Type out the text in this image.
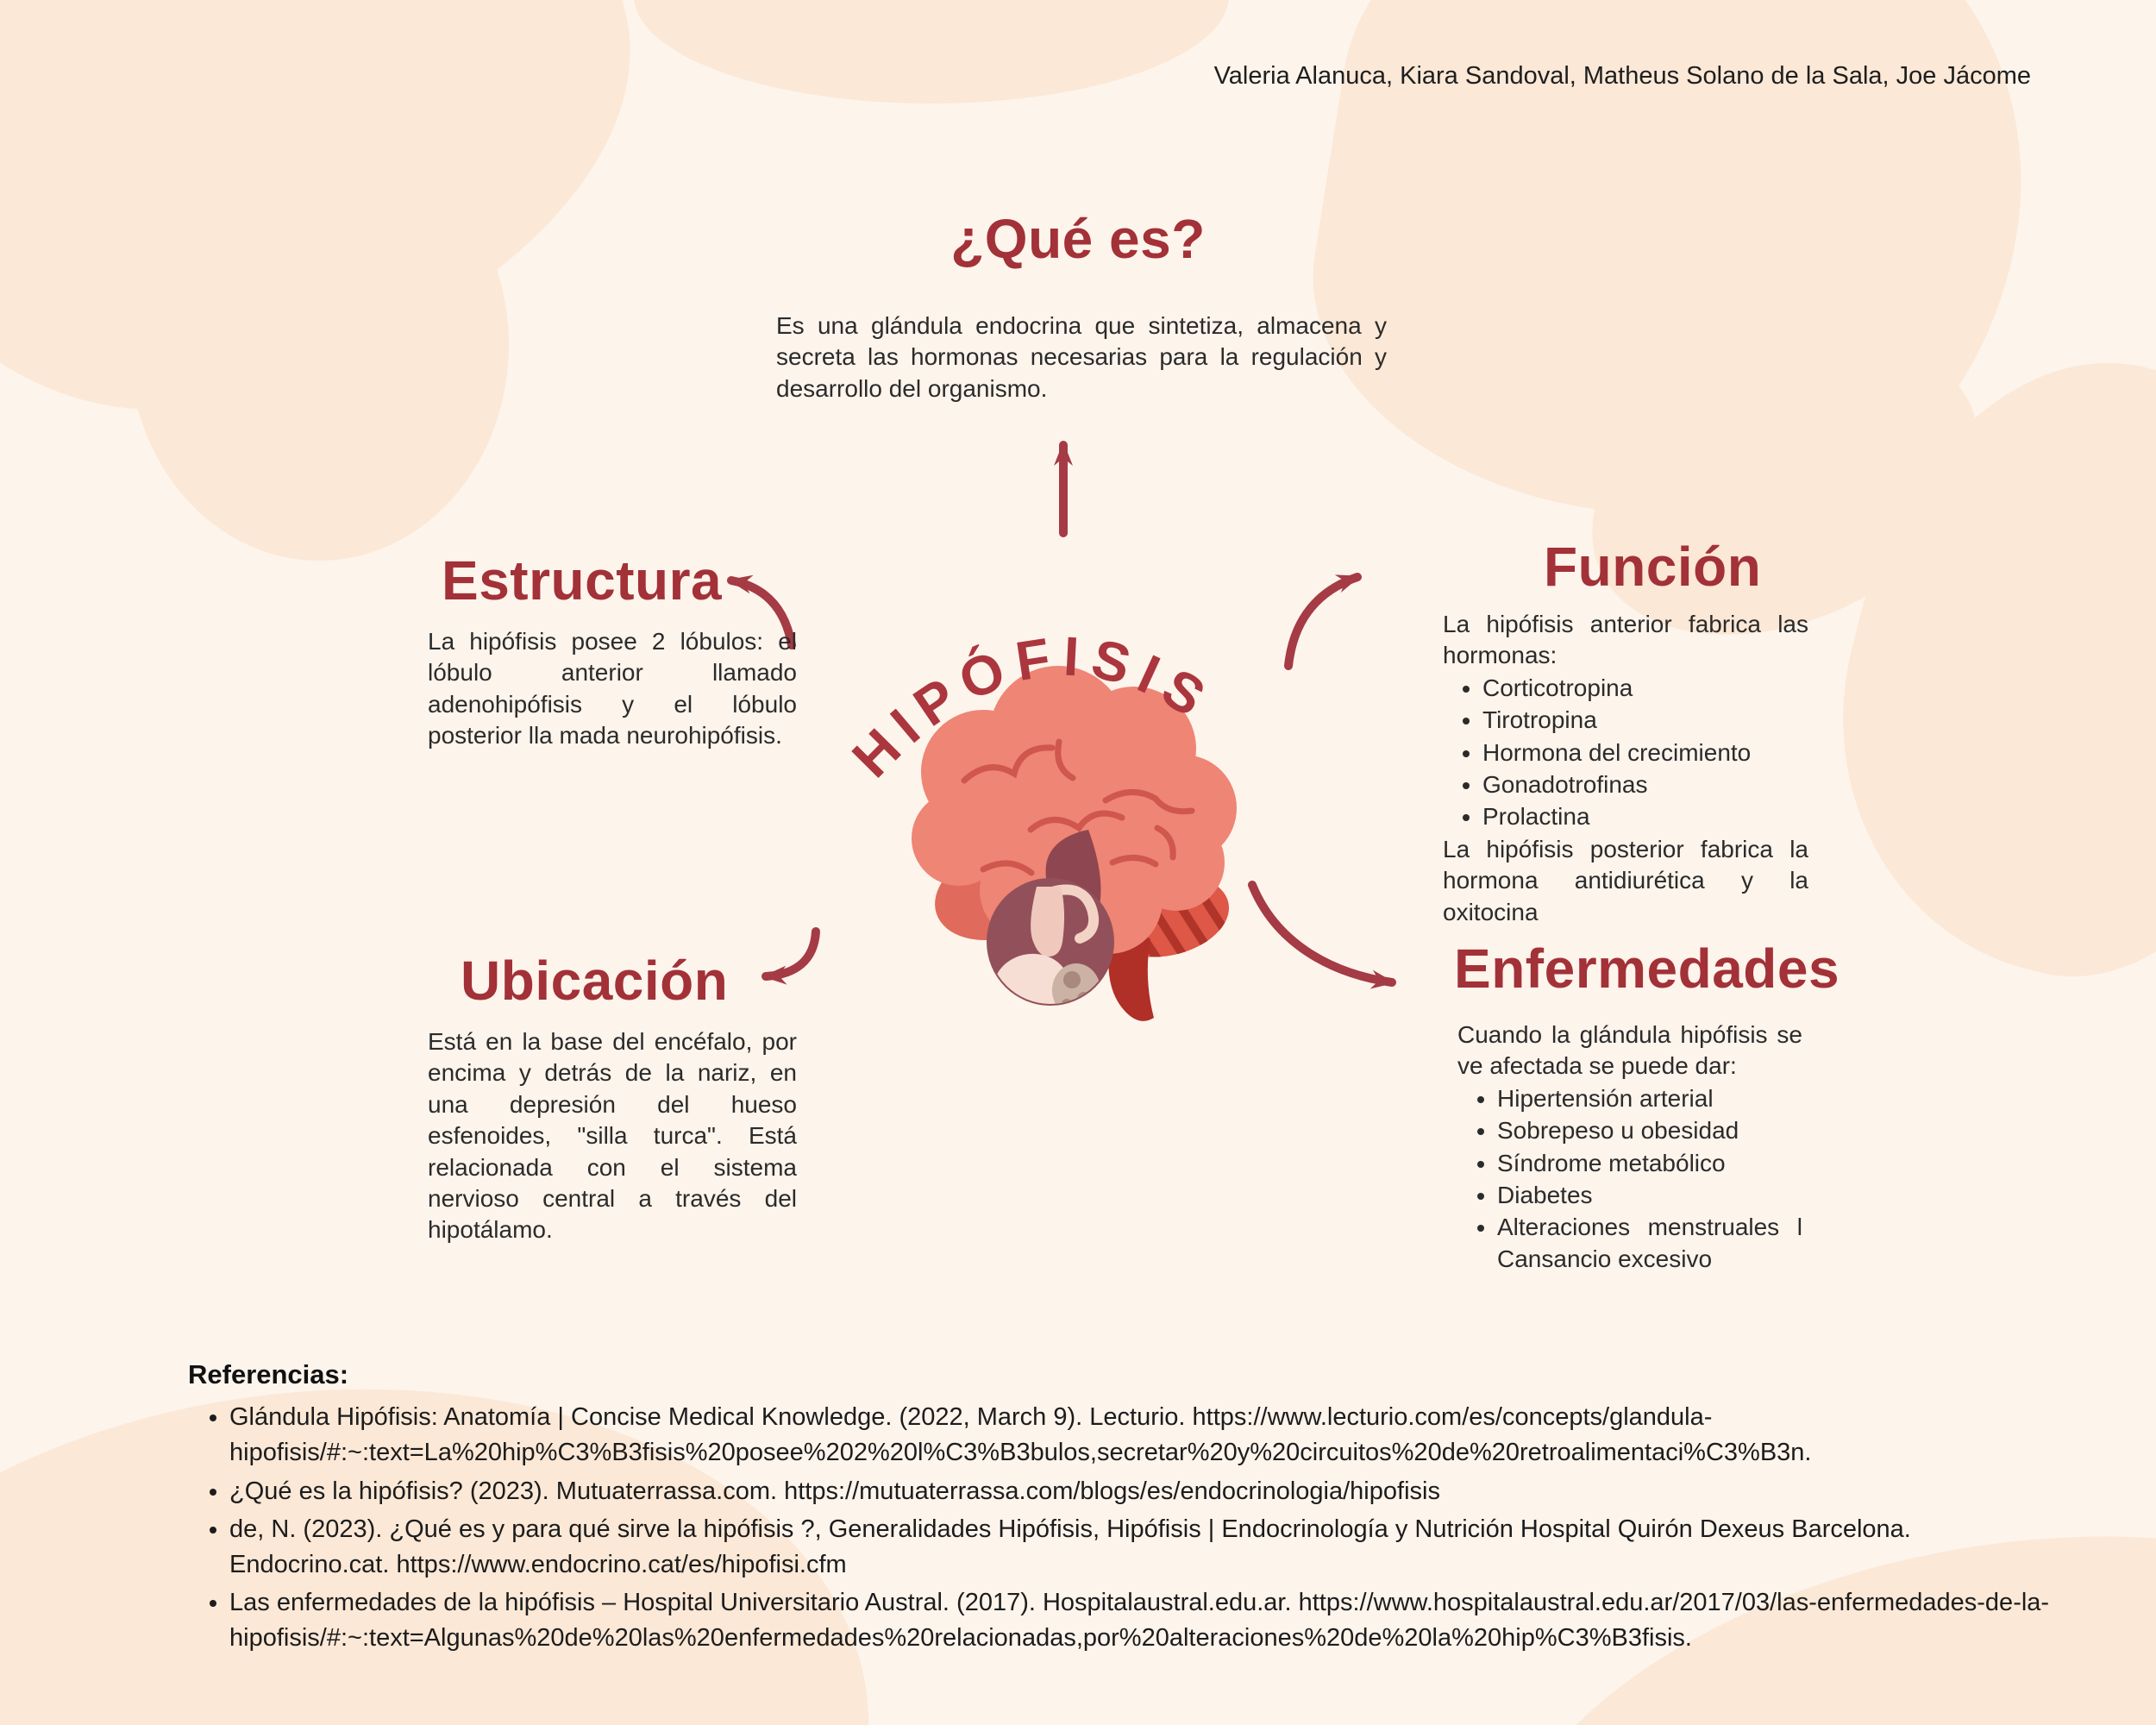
HIPÓFISIS
Valeria Alanuca, Kiara Sandoval, Matheus Solano de la Sala, Joe Jácome
¿Qué es?
Es una glándula endocrina que sintetiza, almacena y secreta las hormonas necesarias para la regulación y desarrollo del organismo.
Estructura
La hipófisis posee 2 lóbulos: el lóbulo anterior llamado adenohipófisis y el lóbulo posterior lla mada neurohipófisis.
Función

La hipófisis anterior fabrica las hormonas:

• Corticotropina
• Tirotropina
• Hormona del crecimiento
• Gonadotrofinas
• Prolactina

La hipófisis posterior fabrica la hormona antidiurética y la oxitocina

Ubicación
Está en la base del encéfalo, por encima y detrás de la nariz, en una depresión del hueso esfenoides, "silla turca". Está relacionada con el sistema nervioso central a través del hipotálamo.
Enfermedades

Cuando la glándula hipófisis se ve afectada se puede dar:

• Hipertensión arterial
• Sobrepeso u obesidad
• Síndrome metabólico
• Diabetes
• Alteraciones menstruales l Cansancio excesivo
Referencias:
• Glándula Hipófisis: Anatomía | Concise Medical Knowledge. (2022, March 9). Lecturio. https://www.lecturio.com/es/concepts/glandula-hipofisis/#:~:text=La%20hip%C3%B3fisis%20posee%202%20l%C3%B3bulos,secretar%20y%20circuitos%20de%20retroalimentaci%C3%B3n.
• ¿Qué es la hipófisis? (2023). Mutuaterrassa.com. https://mutuaterrassa.com/blogs/es/endocrinologia/hipofisis
• de, N. (2023). ¿Qué es y para qué sirve la hipófisis ?, Generalidades Hipófisis, Hipófisis | Endocrinología y Nutrición Hospital Quirón Dexeus Barcelona. Endocrino.cat. https://www.endocrino.cat/es/hipofisi.cfm
• Las enfermedades de la hipófisis – Hospital Universitario Austral. (2017). Hospitalaustral.edu.ar. https://www.hospitalaustral.edu.ar/2017/03/las-enfermedades-de-la-hipofisis/#:~:text=Algunas%20de%20las%20enfermedades%20relacionadas,por%20alteraciones%20de%20la%20hip%C3%B3fisis.
